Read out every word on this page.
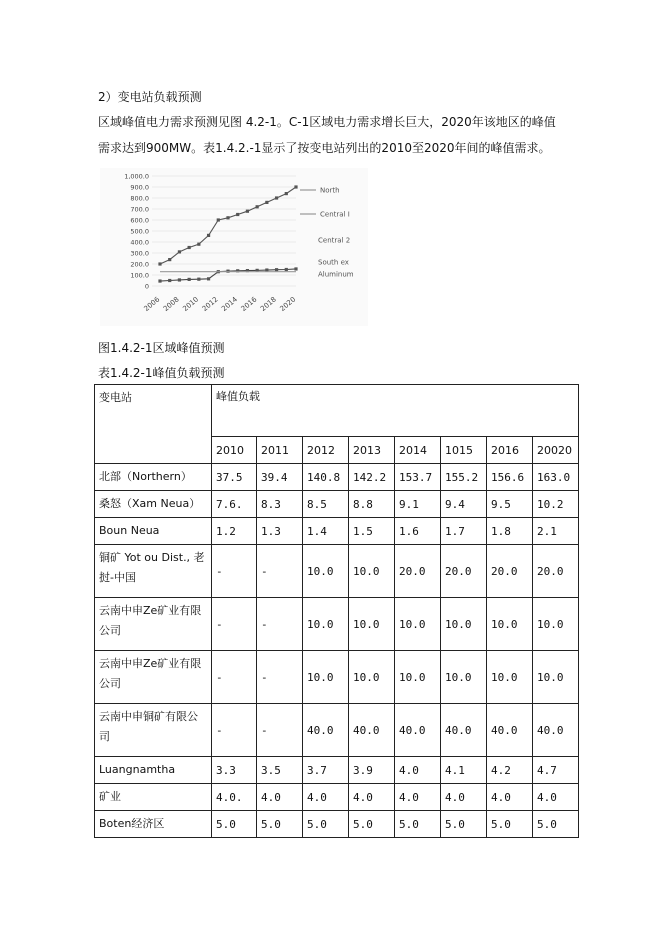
2）变电站负载预测
区域峰值电力需求预测见图 4.2-1。C-1区域电力需求增长巨大，2020年该地区的峰值
需求达到900MW。表1.4.2.-1显示了按变电站列出的2010至2020年间的峰值需求。
0
100.0
200.0
300.0
400.0
500.0
600.0
700.0
800.0
900.0
1,000.0
2006 2008 2010 2012 2014 2016 2018 2020
North
Central I
Central 2
South ex
Aluminum
图1.4.2-1区域峰值预测
表1.4.2-1峰值负载预测
变电站	峰值负载							
	2010	2011	2012	2013	2014	1015	2016	20020
北部（Northern）	37.5	39.4	140.8	142.2	153.7	155.2	156.6	163.0
桑怒（Xam Neua）	7.6.	8.3	8.5	8.8	9.1	9.4	9.5	10.2
Boun Neua	1.2	1.3	1.4	1.5	1.6	1.7	1.8	2.1
铜矿 Yot ou Dist., 老挝-中国	-	-	10.0	10.0	20.0	20.0	20.0	20.0
云南中申Ze矿业有限公司	-	-	10.0	10.0	10.0	10.0	10.0	10.0
云南中申Ze矿业有限公司	-	-	10.0	10.0	10.0	10.0	10.0	10.0
云南中申铜矿有限公司	-	-	40.0	40.0	40.0	40.0	40.0	40.0
Luangnamtha	3.3	3.5	3.7	3.9	4.0	4.1	4.2	4.7
矿业	4.0.	4.0	4.0	4.0	4.0	4.0	4.0	4.0
Boten经济区	5.0	5.0	5.0	5.0	5.0	5.0	5.0	5.0
